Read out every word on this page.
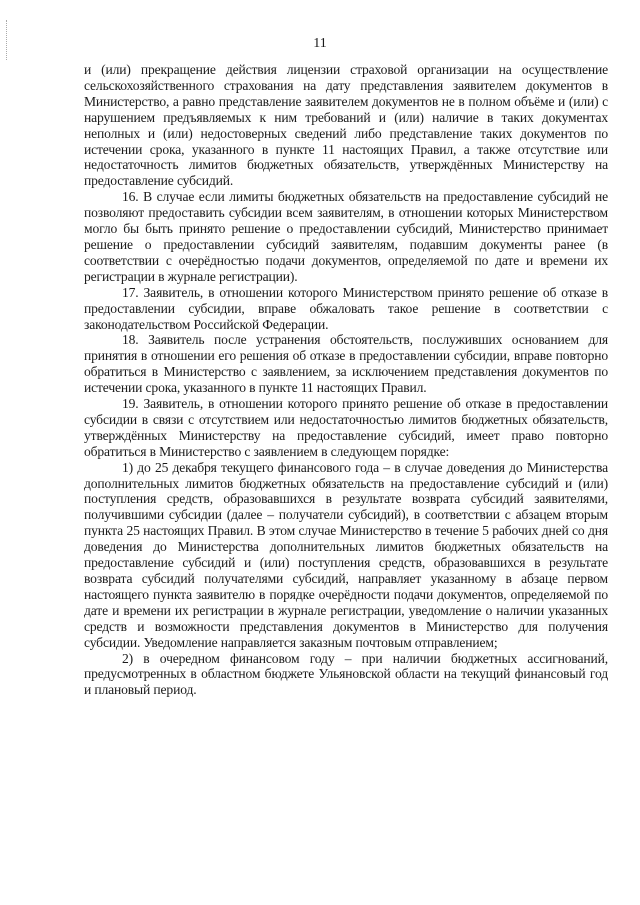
11

и (или) прекращение действия лицензии страховой организации на осуществление сельскохозяйственного страхования на дату представления заявителем документов в Министерство, а равно представление заявителем документов не в полном объёме и (или) с нарушением предъявляемых к ним требований и (или) наличие в таких документах неполных и (или) недостоверных сведений либо представление таких документов по истечении срока, указанного в пункте 11 настоящих Правил, а также отсутствие или недостаточность лимитов бюджетных обязательств, утверждённых Министерству на предоставление субсидий.

16. В случае если лимиты бюджетных обязательств на предоставление субсидий не позволяют предоставить субсидии всем заявителям, в отношении которых Министерством могло бы быть принято решение о предоставлении субсидий, Министерство принимает решение о предоставлении субсидий заявителям, подавшим документы ранее (в соответствии с очерёдностью подачи документов, определяемой по дате и времени их регистрации в журнале регистрации).

17. Заявитель, в отношении которого Министерством принято решение об отказе в предоставлении субсидии, вправе обжаловать такое решение в соответствии с законодательством Российской Федерации.

18. Заявитель после устранения обстоятельств, послуживших основанием для принятия в отношении его решения об отказе в предоставлении субсидии, вправе повторно обратиться в Министерство с заявлением, за исключением представления документов по истечении срока, указанного в пункте 11 настоящих Правил.

19. Заявитель, в отношении которого принято решение об отказе в предоставлении субсидии в связи с отсутствием или недостаточностью лимитов бюджетных обязательств, утверждённых Министерству на предоставление субсидий, имеет право повторно обратиться в Министерство с заявлением в следующем порядке:

1) до 25 декабря текущего финансового года – в случае доведения до Министерства дополнительных лимитов бюджетных обязательств на предоставление субсидий и (или) поступления средств, образовавшихся в результате возврата субсидий заявителями, получившими субсидии (далее – получатели субсидий), в соответствии с абзацем вторым пункта 25 настоящих Правил. В этом случае Министерство в течение 5 рабочих дней со дня доведения до Министерства дополнительных лимитов бюджетных обязательств на предоставление субсидий и (или) поступления средств, образовавшихся в результате возврата субсидий получателями субсидий, направляет указанному в абзаце первом настоящего пункта заявителю в порядке очерёдности подачи документов, определяемой по дате и времени их регистрации в журнале регистрации, уведомление о наличии указанных средств и возможности представления документов в Министерство для получения субсидии. Уведомление направляется заказным почтовым отправлением;

2) в очередном финансовом году – при наличии бюджетных ассигнований, предусмотренных в областном бюджете Ульяновской области на текущий финансовый год и плановый период.
